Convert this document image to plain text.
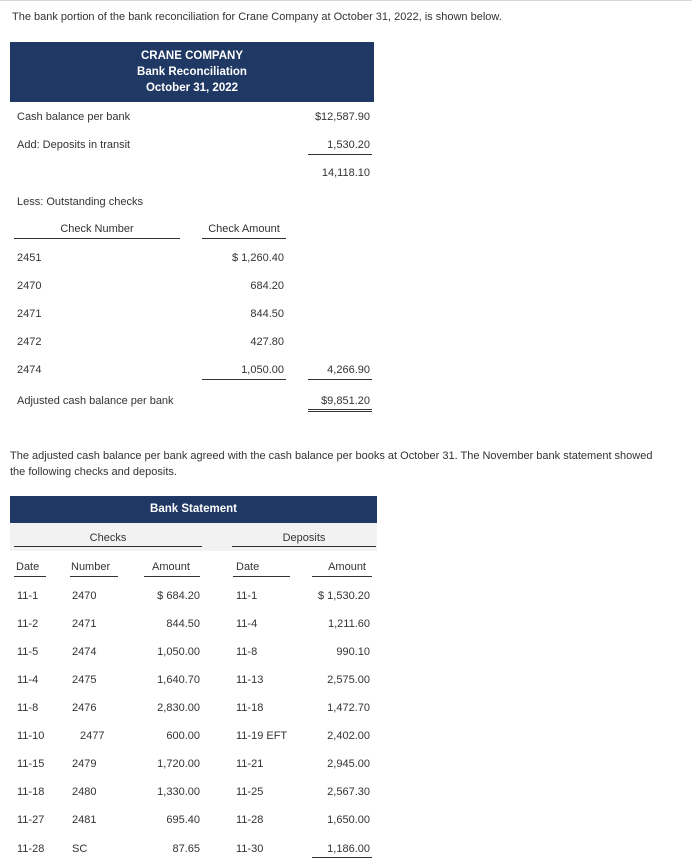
The bank portion of the bank reconciliation for Crane Company at October 31, 2022, is shown below.
CRANE COMPANY
Bank Reconciliation
October 31, 2022
Cash balance per bank	$12,587.90
Add: Deposits in transit	1,530.20
14,118.10
Less: Outstanding checks
Check Number	Check Amount
2451	$ 1,260.40
2470	684.20
2471	844.50
2472	427.80
2474	1,050.00	4,266.90
Adjusted cash balance per bank	$9,851.20
The adjusted cash balance per bank agreed with the cash balance per books at October 31. The November bank statement showed
the following checks and deposits.
Bank Statement
Checks	Deposits
Date	Number	Amount	Date	Amount
11-1	2470	$ 684.20	11-1	$ 1,530.20
11-2	2471	844.50	11-4	1,211.60
11-5	2474	1,050.00	11-8	990.10
11-4	2475	1,640.70	11-13	2,575.00
11-8	2476	2,830.00	11-18	1,472.70
11-10	2477	600.00	11-19 EFT	2,402.00
11-15	2479	1,720.00	11-21	2,945.00
11-18	2480	1,330.00	11-25	2,567.30
11-27	2481	695.40	11-28	1,650.00
11-28	SC	87.65	11-30	1,186.00
